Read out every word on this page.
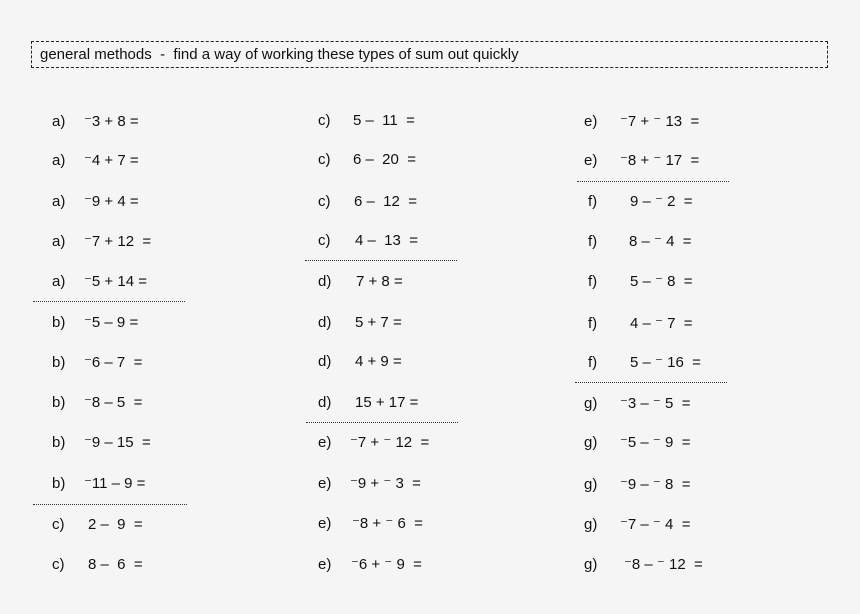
general methods  -  find a way of working these types of sum out quickly
a) ⁻3 + 8 =
a) ⁻4 + 7 =
a) ⁻9 + 4 =
a) ⁻7 + 12  =
a) ⁻5 + 14 =
b) ⁻5 – 9 =
b) ⁻6 – 7  =
b) ⁻8 – 5  =
b) ⁻9 – 15  =
b) ⁻11 – 9 =
c) 2 –  9  =
c) 8 –  6  =
c) 5 –  11  =
c) 6 –  20  =
c) 6 –  12  =
c) 4 –  13  =
d) 7 + 8 =
d) 5 + 7 =
d) 4 + 9 =
d) 15 + 17 =
e) ⁻7 + ⁻ 12  =
e) ⁻9 + ⁻ 3  =
e) ⁻8 + ⁻ 6  =
e) ⁻6 + ⁻ 9  =
e) ⁻7 + ⁻ 13  =
e) ⁻8 + ⁻ 17  =
f) 9 – ⁻ 2  =
f) 8 – ⁻ 4  =
f) 5 – ⁻ 8  =
f) 4 – ⁻ 7  =
f) 5 – ⁻ 16  =
g) ⁻3 – ⁻ 5  =
g) ⁻5 – ⁻ 9  =
g) ⁻9 – ⁻ 8  =
g) ⁻7 – ⁻ 4  =
g) ⁻8 – ⁻ 12  =
